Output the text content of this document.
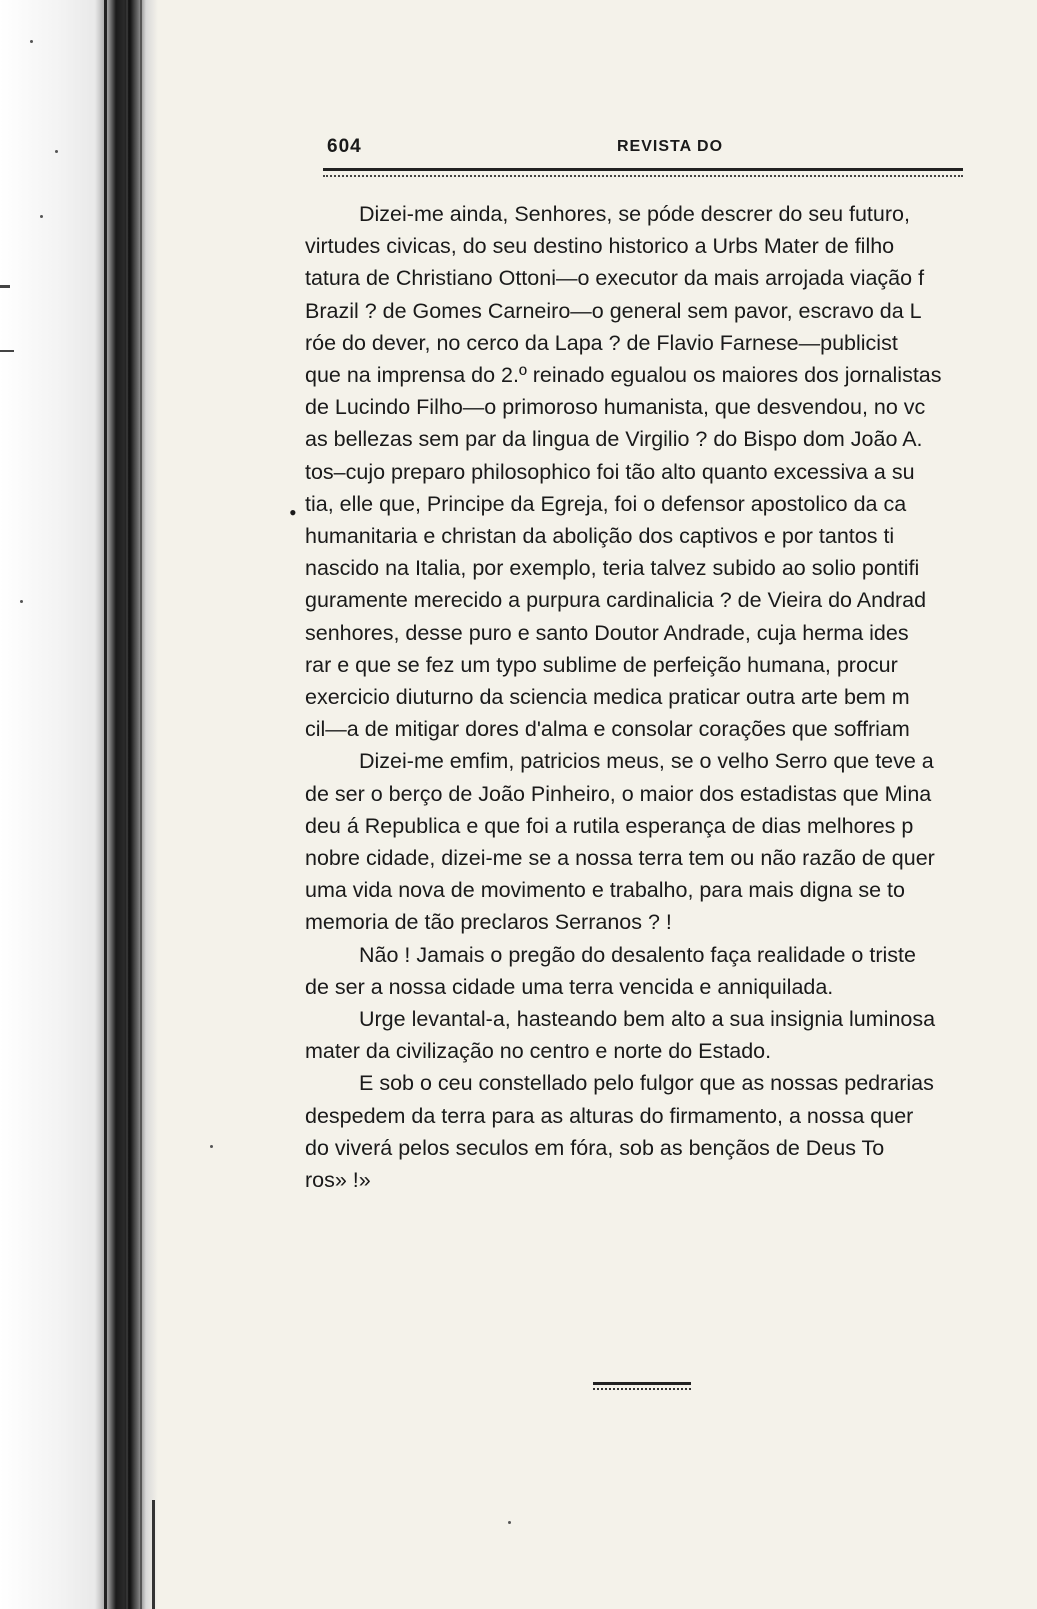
604	REVISTA DO
•
Dizei-me ainda, Senhores, se póde descrer do seu futuro,
virtudes civicas, do seu destino historico a Urbs Mater de filho
tatura de Christiano Ottoni—o executor da mais arrojada viação f
Brazil ? de Gomes Carneiro—o general sem pavor, escravo da L
róe do dever, no cerco da Lapa ? de Flavio Farnese—publicist
que na imprensa do 2.º reinado egualou os maiores dos jornalistas
de Lucindo Filho—o primoroso humanista, que desvendou, no vc
as bellezas sem par da lingua de Virgilio ? do Bispo dom João A.
tos–cujo preparo philosophico foi tão alto quanto excessiva a su
tia, elle que, Principe da Egreja, foi o defensor apostolico da ca
humanitaria e christan da abolição dos captivos e por tantos ti
nascido na Italia, por exemplo, teria talvez subido ao solio pontifi
guramente merecido a purpura cardinalicia ? de Vieira do Andrad
senhores, desse puro e santo Doutor Andrade, cuja herma ides
rar e que se fez um typo sublime de perfeição humana, procur
exercicio diuturno da sciencia medica praticar outra arte bem m
cil—a de mitigar dores d'alma e consolar corações que soffriam
Dizei-me emfim, patricios meus, se o velho Serro que teve a
de ser o berço de João Pinheiro, o maior dos estadistas que Mina
deu á Republica e que foi a rutila esperança de dias melhores p
nobre cidade, dizei-me se a nossa terra tem ou não razão de quer
uma vida nova de movimento e trabalho, para mais digna se to
memoria de tão preclaros Serranos ? !
Não ! Jamais o pregão do desalento faça realidade o triste
de ser a nossa cidade uma terra vencida e anniquilada.
Urge levantal-a, hasteando bem alto a sua insignia luminosa
mater da civilização no centro e norte do Estado.
E sob o ceu constellado pelo fulgor que as nossas pedrarias
despedem da terra para as alturas do firmamento, a nossa quer
do viverá pelos seculos em fóra, sob as bençãos de Deus To
ros» !»
